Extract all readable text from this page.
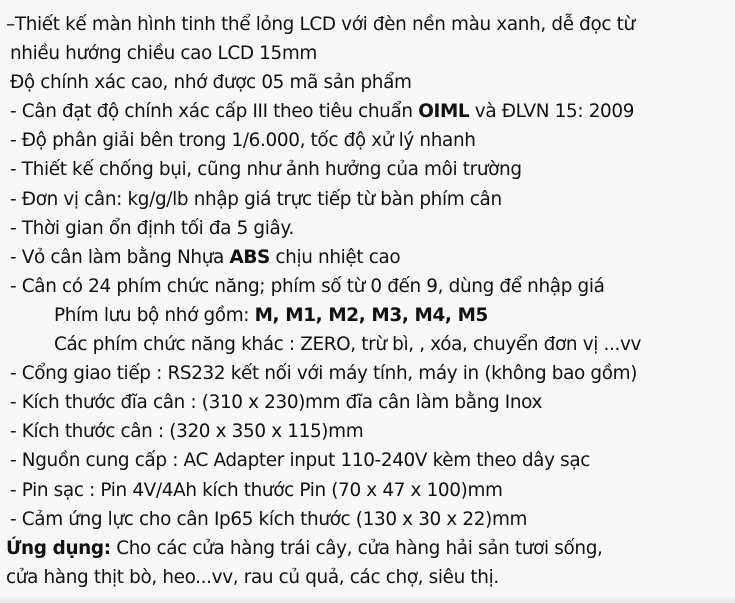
–Thiết kế màn hình tinh thể lỏng LCD với đèn nền màu xanh, dễ đọc từ
nhiều hướng chiều cao LCD 15mm
Độ chính xác cao, nhớ được 05 mã sản phẩm
- Cân đạt độ chính xác cấp III theo tiêu chuẩn OIML và ĐLVN 15: 2009
- Độ phân giải bên trong 1/6.000, tốc độ xử lý nhanh
- Thiết kế chống bụi, cũng như ảnh hưởng của môi trường
- Đơn vị cân: kg/g/lb nhập giá trực tiếp từ bàn phím cân
- Thời gian ổn định tối đa 5 giây.
- Vỏ cân làm bằng Nhựa ABS chịu nhiệt cao
- Cân có 24 phím chức năng; phím số từ 0 đến 9, dùng để nhập giá
Phím lưu bộ nhớ gồm: M, M1, M2, M3, M4, M5
Các phím chức năng khác : ZERO, trừ bì, , xóa, chuyển đơn vị ...vv
- Cổng giao tiếp : RS232 kết nối với máy tính, máy in (không bao gồm)
- Kích thước đĩa cân : (310 x 230)mm đĩa cân làm bằng Inox
- Kích thước cân : (320 x 350 x 115)mm
- Nguồn cung cấp : AC Adapter input 110-240V kèm theo dây sạc
- Pin sạc : Pin 4V/4Ah kích thước Pin (70 x 47 x 100)mm
- Cảm ứng lực cho cân Ip65 kích thước (130 x 30 x 22)mm
Ứng dụng: Cho các cửa hàng trái cây, cửa hàng hải sản tươi sống,
cửa hàng thịt bò, heo...vv, rau củ quả, các chợ, siêu thị.
